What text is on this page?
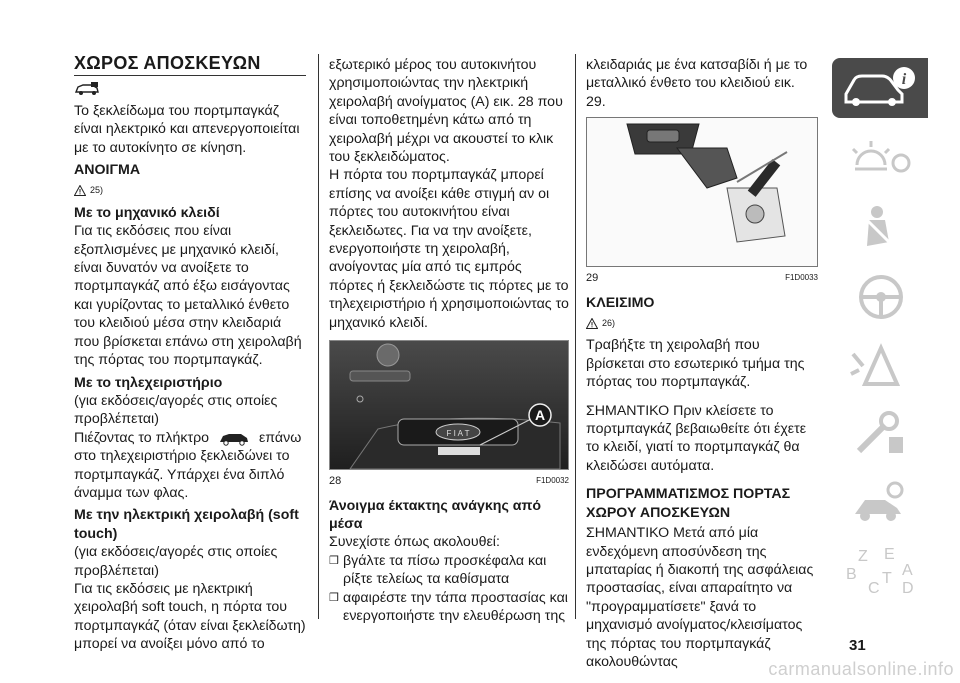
ΧΩΡΟΣ ΑΠΟΣΚΕΥΩΝ

Το ξεκλείδωμα του πορτμπαγκάζ είναι ηλεκτρικό και απενεργοποιείται με το αυτοκίνητο σε κίνηση.

ΑΝΟΙΓΜΑ
25)
Με το μηχανικό κλειδί

Για τις εκδόσεις που είναι εξοπλισμένες με μηχανικό κλειδί, είναι δυνατόν να ανοίξετε το πορτμπαγκάζ από έξω εισάγοντας και γυρίζοντας το μεταλλικό ένθετο του κλειδιού μέσα στην κλειδαριά που βρίσκεται επάνω στη χειρολαβή της πόρτας του πορτμπαγκάζ.

Με το τηλεχειριστήριο

(για εκδόσεις/αγορές στις οποίες προβλέπεται)

Πιέζοντας το πλήκτρο	επάνω στο τηλεχειριστήριο ξεκλειδώνει το πορτμπαγκάζ. Υπάρχει ένα διπλό άναμμα των φλας.

Με την ηλεκτρική χειρολαβή (soft touch)

(για εκδόσεις/αγορές στις οποίες προβλέπεται)

Για τις εκδόσεις με ηλεκτρική χειρολαβή soft touch, η πόρτα του πορτμπαγκάζ (όταν είναι ξεκλείδωτη) μπορεί να ανοίξει μόνο από το

εξωτερικό μέρος του αυτοκινήτου χρησιμοποιώντας την ηλεκτρική χειρολαβή ανοίγματος (A) εικ. 28 που είναι τοποθετημένη κάτω από τη χειρολαβή μέχρι να ακουστεί το κλικ του ξεκλειδώματος.

Η πόρτα του πορτμπαγκάζ μπορεί επίσης να ανοίξει κάθε στιγμή αν οι πόρτες του αυτοκινήτου είναι ξεκλειδωτες. Για να την ανοίξετε, ενεργοποιήστε τη χειρολαβή, ανοίγοντας μία από τις εμπρός πόρτες ή ξεκλειδώστε τις πόρτες με το τηλεχειριστήριο ή χρησιμοποιώντας το μηχανικό κλειδί.

F I A T
A
28	F1D0032
Άνοιγμα έκτακτης ανάγκης από μέσα

Συνεχίστε όπως ακολουθεί:

❒ βγάλτε τα πίσω προσκέφαλα και ρίξτε τελείως τα καθίσματα
❒ αφαιρέστε την τάπα προστασίας και ενεργοποιήστε την ελευθέρωση της

κλειδαριάς με ένα κατσαβίδι ή με το μεταλλικό ένθετο του κλειδιού εικ. 29.

29	F1D0033
ΚΛΕΙΣΙΜΟ
26)

Τραβήξτε τη χειρολαβή που βρίσκεται στο εσωτερικό τμήμα της πόρτας του πορτμπαγκάζ.

ΣΗΜΑΝΤΙΚΟ Πριν κλείσετε το πορτμπαγκάζ βεβαιωθείτε ότι έχετε το κλειδί, γιατί το πορτμπαγκάζ θα κλειδώσει αυτόματα.

ΠΡΟΓΡΑΜΜΑΤΙΣΜΟΣ ΠΟΡΤΑΣ ΧΩΡΟΥ ΑΠΟΣΚΕΥΩΝ

ΣΗΜΑΝΤΙΚΟ Μετά από μία ενδεχόμενη αποσύνδεση της μπαταρίας ή διακοπή της ασφάλειας προστασίας, είναι απαραίτητο να "προγραμματίσετε" ξανά το μηχανισμό ανοίγματος/κλεισίματος της πόρτας του πορτμπαγκάζ ακολουθώντας

i
Z E
A
B
C
T
D
31
carmanualsonline.info
